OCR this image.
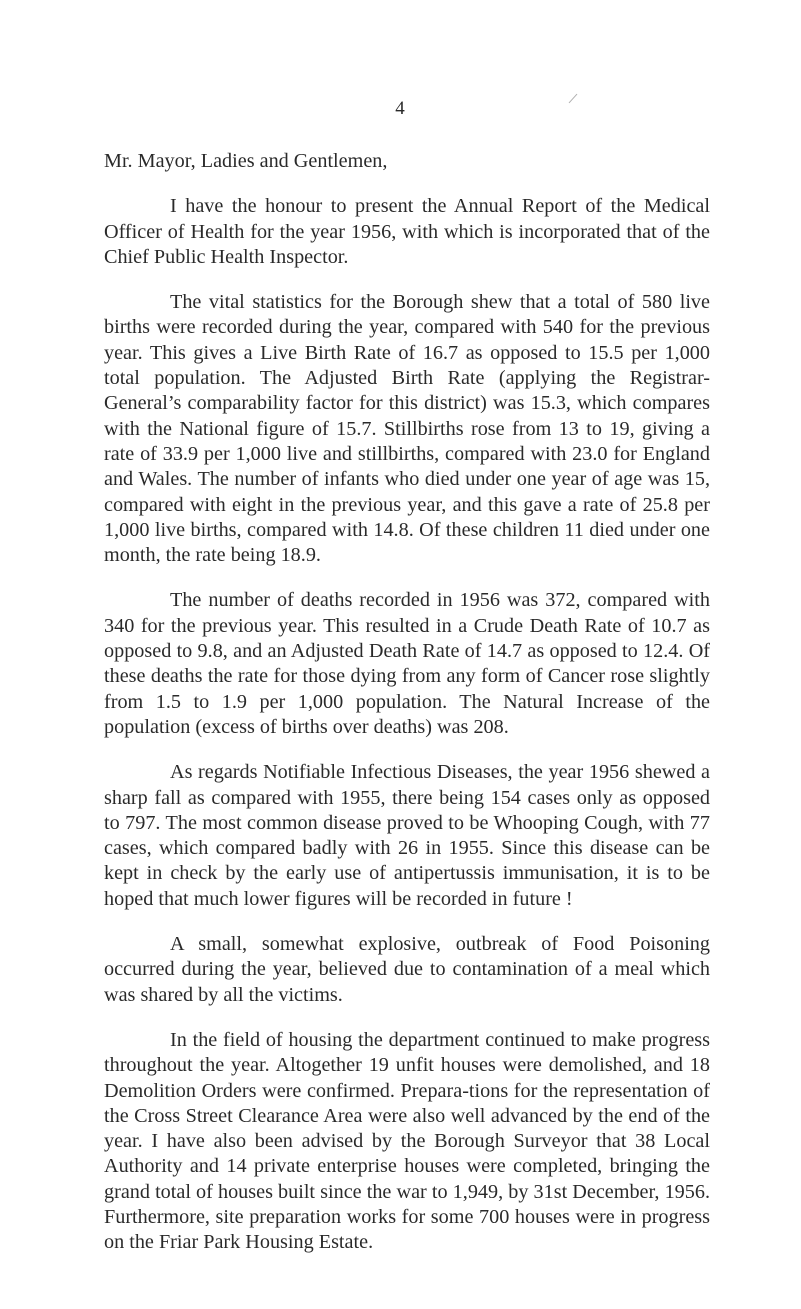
4

Mr. Mayor, Ladies and Gentlemen,

I have the honour to present the Annual Report of the Medical Officer of Health for the year 1956, with which is incorporated that of the Chief Public Health Inspector.

The vital statistics for the Borough shew that a total of 580 live births were recorded during the year, compared with 540 for the previous year. This gives a Live Birth Rate of 16.7 as opposed to 15.5 per 1,000 total population. The Adjusted Birth Rate (applying the Registrar-General’s comparability factor for this district) was 15.3, which compares with the National figure of 15.7. Stillbirths rose from 13 to 19, giving a rate of 33.9 per 1,000 live and stillbirths, compared with 23.0 for England and Wales. The number of infants who died under one year of age was 15, compared with eight in the previous year, and this gave a rate of 25.8 per 1,000 live births, compared with 14.8. Of these children 11 died under one month, the rate being 18.9.

The number of deaths recorded in 1956 was 372, compared with 340 for the previous year. This resulted in a Crude Death Rate of 10.7 as opposed to 9.8, and an Adjusted Death Rate of 14.7 as opposed to 12.4. Of these deaths the rate for those dying from any form of Cancer rose slightly from 1.5 to 1.9 per 1,000 population. The Natural Increase of the population (excess of births over deaths) was 208.

As regards Notifiable Infectious Diseases, the year 1956 shewed a sharp fall as compared with 1955, there being 154 cases only as opposed to 797. The most common disease proved to be Whooping Cough, with 77 cases, which compared badly with 26 in 1955. Since this disease can be kept in check by the early use of antipertussis immunisation, it is to be hoped that much lower figures will be recorded in future !

A small, somewhat explosive, outbreak of Food Poisoning occurred during the year, believed due to contamination of a meal which was shared by all the victims.

In the field of housing the department continued to make progress throughout the year. Altogether 19 unfit houses were demolished, and 18 Demolition Orders were confirmed. Prepara-tions for the representation of the Cross Street Clearance Area were also well advanced by the end of the year. I have also been advised by the Borough Surveyor that 38 Local Authority and 14 private enterprise houses were completed, bringing the grand total of houses built since the war to 1,949, by 31st December, 1956. Furthermore, site preparation works for some 700 houses were in progress on the Friar Park Housing Estate.
